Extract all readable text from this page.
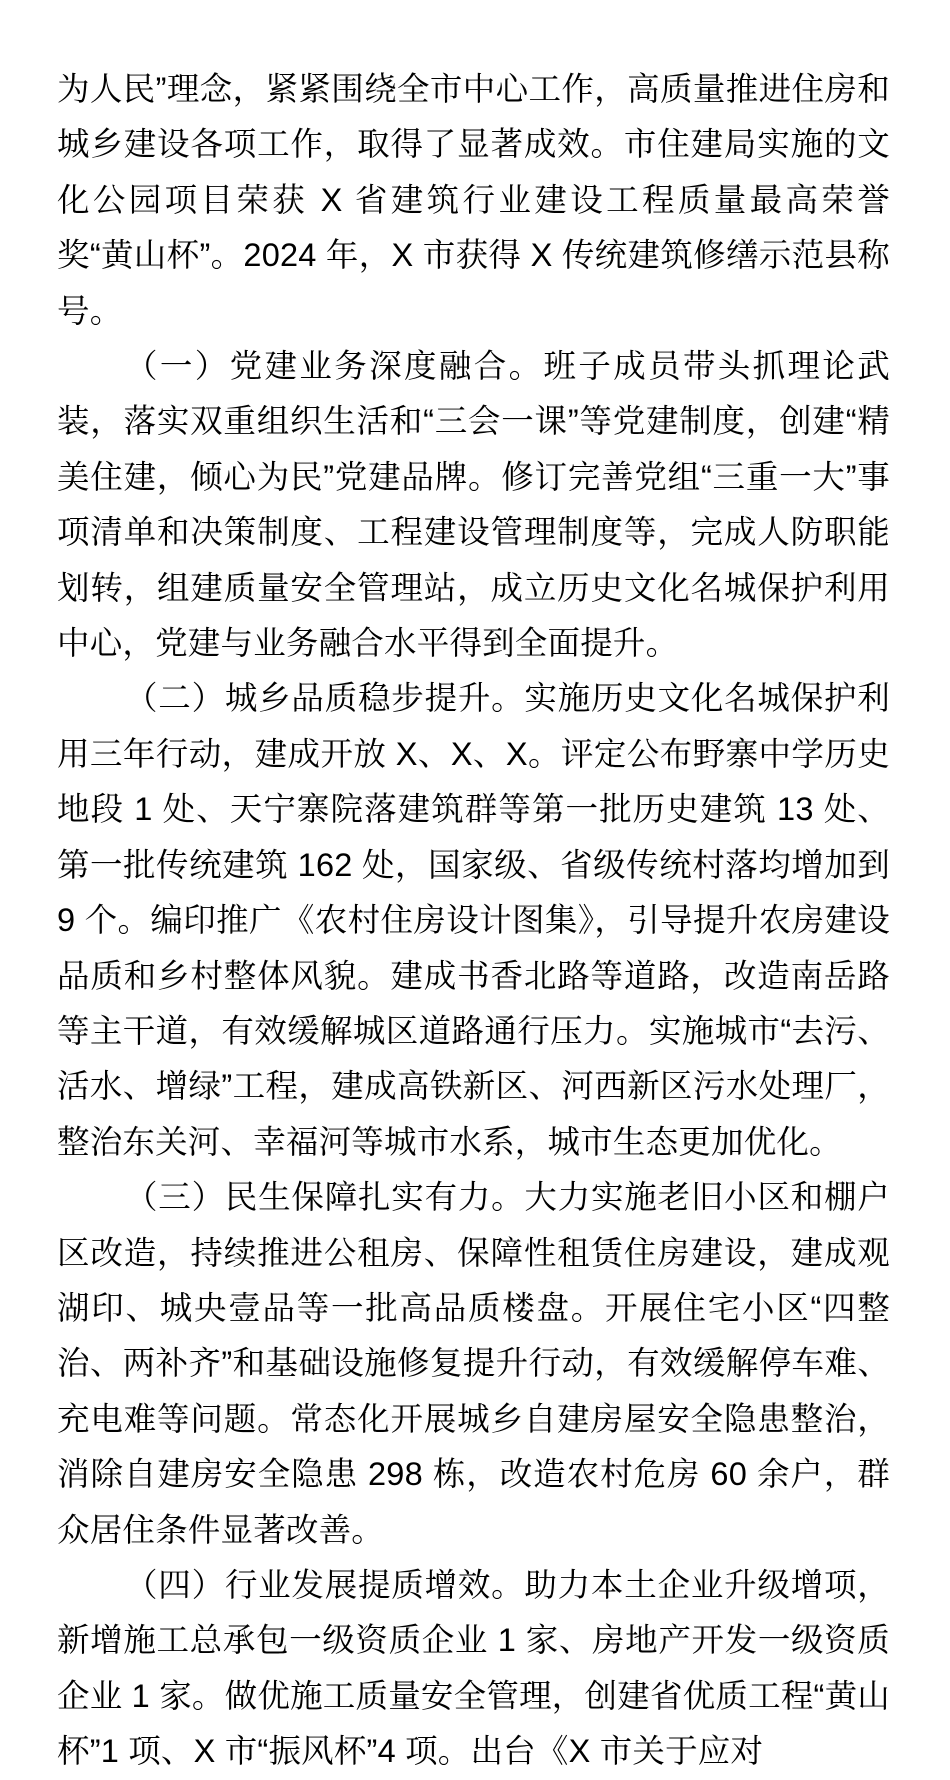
为人民”理念，紧紧围绕全市中心工作，高质量推进住房和城乡建设各项工作，取得了显著成效。市住建局实施的文化公园项目荣获 X 省建筑行业建设工程质量最高荣誉奖“黄山杯”。2024 年，X 市获得 X 传统建筑修缮示范县称号。

（一）党建业务深度融合。班子成员带头抓理论武装，落实双重组织生活和“三会一课”等党建制度，创建“精美住建，倾心为民”党建品牌。修订完善党组“三重一大”事项清单和决策制度、工程建设管理制度等，完成人防职能划转，组建质量安全管理站，成立历史文化名城保护利用中心，党建与业务融合水平得到全面提升。

（二）城乡品质稳步提升。实施历史文化名城保护利用三年行动，建成开放 X、X、X。评定公布野寨中学历史地段 1 处、天宁寨院落建筑群等第一批历史建筑 13 处、第一批传统建筑 162 处，国家级、省级传统村落均增加到 9 个。编印推广《农村住房设计图集》，引导提升农房建设品质和乡村整体风貌。建成书香北路等道路，改造南岳路等主干道，有效缓解城区道路通行压力。实施城市“去污、活水、增绿”工程，建成高铁新区、河西新区污水处理厂，整治东关河、幸福河等城市水系，城市生态更加优化。

（三）民生保障扎实有力。大力实施老旧小区和棚户区改造，持续推进公租房、保障性租赁住房建设，建成观湖印、城央壹品等一批高品质楼盘。开展住宅小区“四整治、两补齐”和基础设施修复提升行动，有效缓解停车难、充电难等问题。常态化开展城乡自建房屋安全隐患整治，消除自建房安全隐患 298 栋，改造农村危房 60 余户，群众居住条件显著改善。

（四）行业发展提质增效。助力本土企业升级增项，新增施工总承包一级资质企业 1 家、房地产开发一级资质企业 1 家。做优施工质量安全管理，创建省优质工程“黄山杯”1 项、X 市“振风杯”4 项。出台《X 市关于应对
